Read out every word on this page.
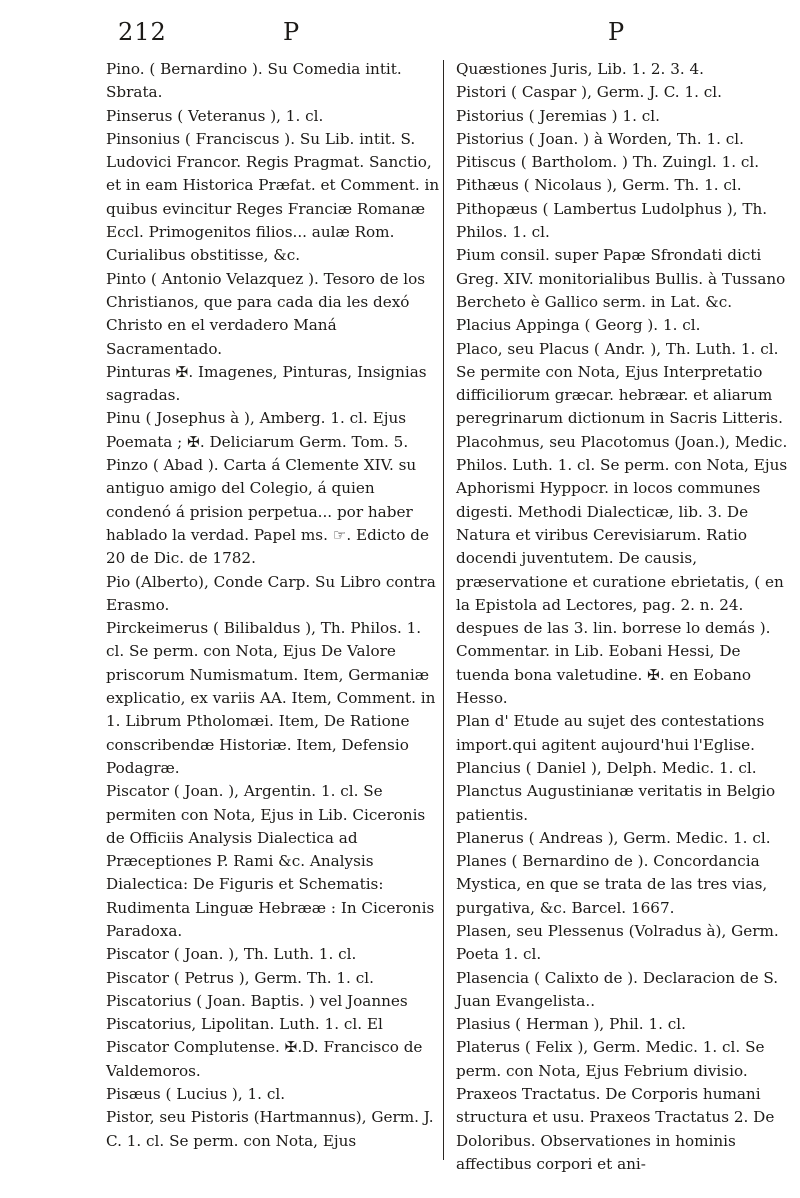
212	P	P

Pino. ( Bernardino ). Su Comedia intit. Sbrata.

Pinserus ( Veteranus ), 1. cl.

Pinsonius ( Franciscus ). Su Lib. intit. S. Ludovici Francor. Regis Pragmat. Sanctio, et in eam Historica Præfat. et Comment. in quibus evincitur Reges Franciæ Romanæ Eccl. Primogenitos filios... aulæ Rom. Curialibus obstitisse, &c.

Pinto ( Antonio Velazquez ). Tesoro de los Christianos, que para cada dia les dexó Christo en el verdadero Maná Sacramentado.

Pinturas ✠. Imagenes, Pinturas, Insignias sagradas.

Pinu ( Josephus à ), Amberg. 1. cl. Ejus Poemata ; ✠. Deliciarum Germ. Tom. 5.

Pinzo ( Abad ). Carta á Clemente XIV. su antiguo amigo del Colegio, á quien condenó á prision perpetua... por haber hablado la verdad. Papel ms. ☞. Edicto de 20 de Dic. de 1782.

Pio (Alberto), Conde Carp. Su Libro contra Erasmo.

Pirckeimerus ( Bilibaldus ), Th. Philos. 1. cl. Se perm. con Nota, Ejus De Valore priscorum Numismatum. Item, Germaniæ explicatio, ex variis AA. Item, Comment. in 1. Librum Ptholomæi. Item, De Ratione conscribendæ Historiæ. Item, Defensio Podagræ.

Piscator ( Joan. ), Argentin. 1. cl. Se permiten con Nota, Ejus in Lib. Ciceronis de Officiis Analysis Dialectica ad Præceptiones P. Rami &c. Analysis Dialectica: De Figuris et Schematis: Rudimenta Linguæ Hebrææ : In Ciceronis Paradoxa.

Piscator ( Joan. ), Th. Luth. 1. cl.

Piscator ( Petrus ), Germ. Th. 1. cl.

Piscatorius ( Joan. Baptis. ) vel Joannes Piscatorius, Lipolitan. Luth. 1. cl. El Piscator Complutense. ✠.D. Francisco de Valdemoros.

Pisæus ( Lucius ), 1. cl.

Pistor, seu Pistoris (Hartmannus), Germ. J. C. 1. cl. Se perm. con Nota, Ejus

Quæstiones Juris, Lib. 1. 2. 3. 4.

Pistori ( Caspar ), Germ. J. C. 1. cl.

Pistorius ( Jeremias ) 1. cl.

Pistorius ( Joan. ) à Worden, Th. 1. cl.

Pitiscus ( Bartholom. ) Th. Zuingl. 1. cl.

Pithæus ( Nicolaus ), Germ. Th. 1. cl.

Pithopæus ( Lambertus Ludolphus ), Th. Philos. 1. cl.

Pium consil. super Papæ Sfrondati dicti Greg. XIV. monitorialibus Bullis. à Tussano Bercheto è Gallico serm. in Lat. &c.

Placius Appinga ( Georg ). 1. cl.

Placo, seu Placus ( Andr. ), Th. Luth. 1. cl. Se permite con Nota, Ejus Interpretatio difficiliorum græcar. hebræar. et aliarum peregrinarum dictionum in Sacris Litteris.

Placohmus, seu Placotomus (Joan.), Medic. Philos. Luth. 1. cl. Se perm. con Nota, Ejus Aphorismi Hyppocr. in locos communes digesti. Methodi Dialecticæ, lib. 3. De Natura et viribus Cerevisiarum. Ratio docendi juventutem. De causis, præservatione et curatione ebrietatis, ( en la Epistola ad Lectores, pag. 2. n. 24. despues de las 3. lin. borrese lo demás ). Commentar. in Lib. Eobani Hessi, De tuenda bona valetudine. ✠. en Eobano Hesso.

Plan d' Etude au sujet des contestations import.qui agitent aujourd'hui l'Eglise.

Plancius ( Daniel ), Delph. Medic. 1. cl.

Planctus Augustinianæ veritatis in Belgio patientis.

Planerus ( Andreas ), Germ. Medic. 1. cl.

Planes ( Bernardino de ). Concordancia Mystica, en que se trata de las tres vias, purgativa, &c. Barcel. 1667.

Plasen, seu Plessenus (Volradus à), Germ. Poeta 1. cl.

Plasencia ( Calixto de ). Declaracion de S. Juan Evangelista..

Plasius ( Herman ), Phil. 1. cl.

Platerus ( Felix ), Germ. Medic. 1. cl. Se perm. con Nota, Ejus Febrium divisio. Praxeos Tractatus. De Corporis humani structura et usu. Praxeos Tractatus 2. De Doloribus. Observationes in hominis affectibus corpori et ani-
